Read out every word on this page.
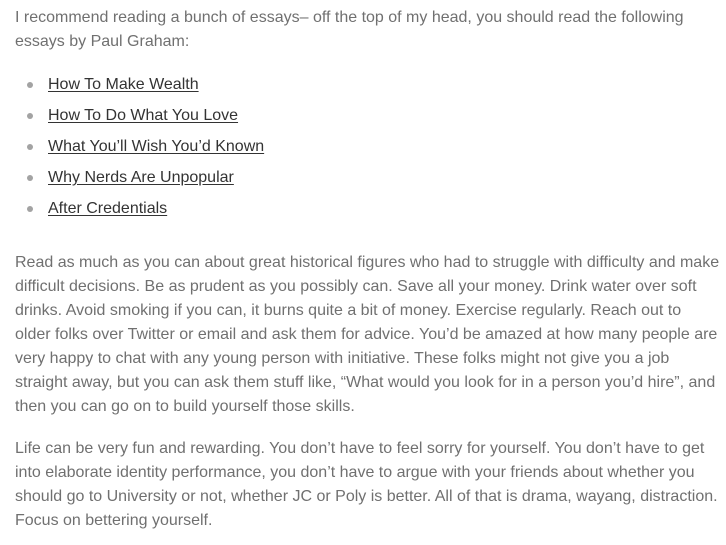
I recommend reading a bunch of essays– off the top of my head, you should read the following essays by Paul Graham:

How To Make Wealth
How To Do What You Love
What You’ll Wish You’d Known
Why Nerds Are Unpopular
After Credentials

Read as much as you can about great historical figures who had to struggle with difficulty and make difficult decisions. Be as prudent as you possibly can. Save all your money. Drink water over soft drinks. Avoid smoking if you can, it burns quite a bit of money. Exercise regularly. Reach out to older folks over Twitter or email and ask them for advice. You’d be amazed at how many people are very happy to chat with any young person with initiative. These folks might not give you a job straight away, but you can ask them stuff like, “What would you look for in a person you’d hire”, and then you can go on to build yourself those skills.

Life can be very fun and rewarding. You don’t have to feel sorry for yourself. You don’t have to get into elaborate identity performance, you don’t have to argue with your friends about whether you should go to University or not, whether JC or Poly is better. All of that is drama, wayang, distraction. Focus on bettering yourself.
